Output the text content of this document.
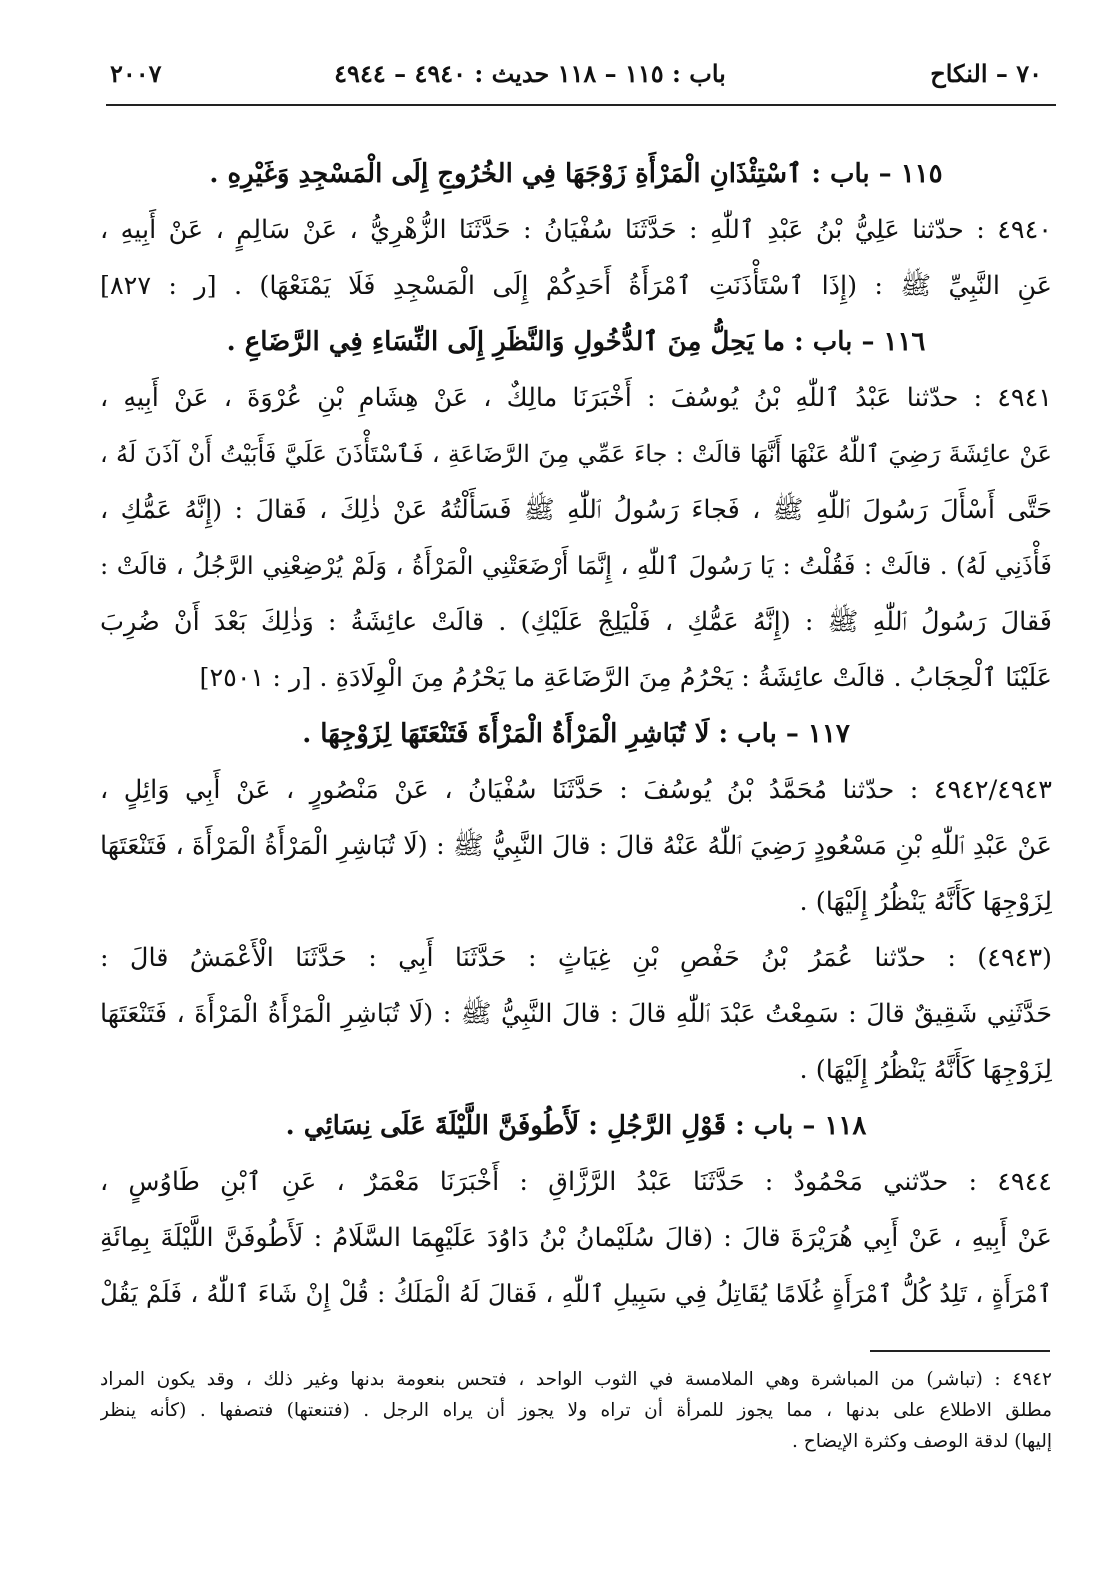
٧٠ – النكاح
باب : ١١٥ – ١١٨ حديث : ٤٩٤٠ – ٤٩٤٤
٢٠٠٧
١١٥ – باب : ٱسْتِئْذَانِ الْمَرْأَةِ زَوْجَهَا فِي الخُرُوجِ إِلَى الْمَسْجِدِ وَغَيْرِهِ .
٤٩٤٠ : حدّثنا عَلِيُّ بْنُ عَبْدِ ٱللّٰهِ : حَدَّثَنَا سُفْيَانُ : حَدَّثَنَا الزُّهْرِيُّ ، عَنْ سَالِمٍ ، عَنْ أَبِيهِ ،
عَنِ النَّبِيِّ ﷺ : (إِذَا ٱسْتَأْذَنَتِ ٱمْرَأَةُ أَحَدِكُمْ إِلَى الْمَسْجِدِ فَلَا يَمْنَعْهَا) . [ر : ٨٢٧]
١١٦ – باب : ما يَحِلُّ مِنَ ٱلدُّخُولِ وَالنَّظَرِ إِلَى النِّسَاءِ فِي الرَّضَاعِ .
٤٩٤١ : حدّثنا عَبْدُ ٱللّٰهِ بْنُ يُوسُفَ : أَخْبَرَنَا مالِكٌ ، عَنْ هِشَامِ بْنِ عُرْوَةَ ، عَنْ أَبِيهِ ،
عَنْ عائِشَةَ رَضِيَ ٱللّٰهُ عَنْهَا أَنَّهَا قالَتْ : جاءَ عَمِّي مِنَ الرَّضَاعَةِ ، فَٱسْتَأْذَنَ عَلَيَّ فَأَبَيْتُ أَنْ آذَنَ لَهُ ،
حَتَّى أَسْأَلَ رَسُولَ ٱللّٰهِ ﷺ ، فَجاءَ رَسُولُ ٱللّٰهِ ﷺ فَسَأَلْتُهُ عَنْ ذٰلِكَ ، فَقالَ : (إِنَّهُ عَمُّكِ ،
فَأْذَنِي لَهُ) . قالَتْ : فَقُلْتُ : يَا رَسُولَ ٱللّٰهِ ، إِنَّمَا أَرْضَعَتْنِي الْمَرْأَةُ ، وَلَمْ يُرْضِعْنِي الرَّجُلُ ، قالَتْ :
فَقالَ رَسُولُ ٱللّٰهِ ﷺ : (إِنَّهُ عَمُّكِ ، فَلْيَلِجْ عَلَيْكِ) . قالَتْ عائِشَةُ : وَذٰلِكَ بَعْدَ أَنْ ضُرِبَ
عَلَيْنَا ٱلْحِجَابُ . قالَتْ عائِشَةُ : يَحْرُمُ مِنَ الرَّضَاعَةِ ما يَحْرُمُ مِنَ الْوِلَادَةِ . [ر : ٢٥٠١]
١١٧ – باب : لَا تُبَاشِرِ الْمَرْأَةُ الْمَرْأَةَ فَتَنْعَتَهَا لِزَوْجِهَا .
٤٩٤٢/٤٩٤٣ : حدّثنا مُحَمَّدُ بْنُ يُوسُفَ : حَدَّثَنَا سُفْيَانُ ، عَنْ مَنْصُورٍ ، عَنْ أَبِي وَائِلٍ ،
عَنْ عَبْدِ ٱللّٰهِ بْنِ مَسْعُودٍ رَضِيَ ٱللّٰهُ عَنْهُ قالَ : قالَ النَّبِيُّ ﷺ : (لَا تُبَاشِرِ الْمَرْأَةُ الْمَرْأَةَ ، فَتَنْعَتَهَا
لِزَوْجِهَا كَأَنَّهُ يَنْظُرُ إِلَيْهَا) .
(٤٩٤٣) : حدّثنا عُمَرُ بْنُ حَفْصِ بْنِ غِيَاثٍ : حَدَّثَنَا أَبِي : حَدَّثَنَا الْأَعْمَشُ قالَ :
حَدَّثَنِي شَقِيقٌ قالَ : سَمِعْتُ عَبْدَ ٱللّٰهِ قالَ : قالَ النَّبِيُّ ﷺ : (لَا تُبَاشِرِ الْمَرْأَةُ الْمَرْأَةَ ، فَتَنْعَتَهَا
لِزَوْجِهَا كَأَنَّهُ يَنْظُرُ إِلَيْهَا) .
١١٨ – باب : قَوْلِ الرَّجُلِ : لَأَطُوفَنَّ اللَّيْلَةَ عَلَى نِسَائِي .
٤٩٤٤ : حدّثني مَحْمُودٌ : حَدَّثَنَا عَبْدُ الرَّزَّاقِ : أَخْبَرَنَا مَعْمَرٌ ، عَنِ ٱبْنِ طَاوُسٍ ،
عَنْ أَبِيهِ ، عَنْ أَبِي هُرَيْرَةَ قالَ : (قالَ سُلَيْمانُ بْنُ دَاوُدَ عَلَيْهِمَا السَّلَامُ : لَأَطُوفَنَّ اللَّيْلَةَ بِمِائَةِ
ٱمْرَأَةٍ ، تَلِدُ كُلُّ ٱمْرَأَةٍ غُلَامًا يُقَاتِلُ فِي سَبِيلِ ٱللّٰهِ ، فَقالَ لَهُ الْمَلَكُ : قُلْ إِنْ شَاءَ ٱللّٰهُ ، فَلَمْ يَقُلْ
٤٩٤٢ : (تباشر) من المباشرة وهي الملامسة في الثوب الواحد ، فتحس بنعومة بدنها وغير ذلك ، وقد يكون المراد
مطلق الاطلاع على بدنها ، مما يجوز للمرأة أن تراه ولا يجوز أن يراه الرجل . (فتنعتها) فتصفها . (كأنه ينظر
إليها) لدقة الوصف وكثرة الإيضاح .
